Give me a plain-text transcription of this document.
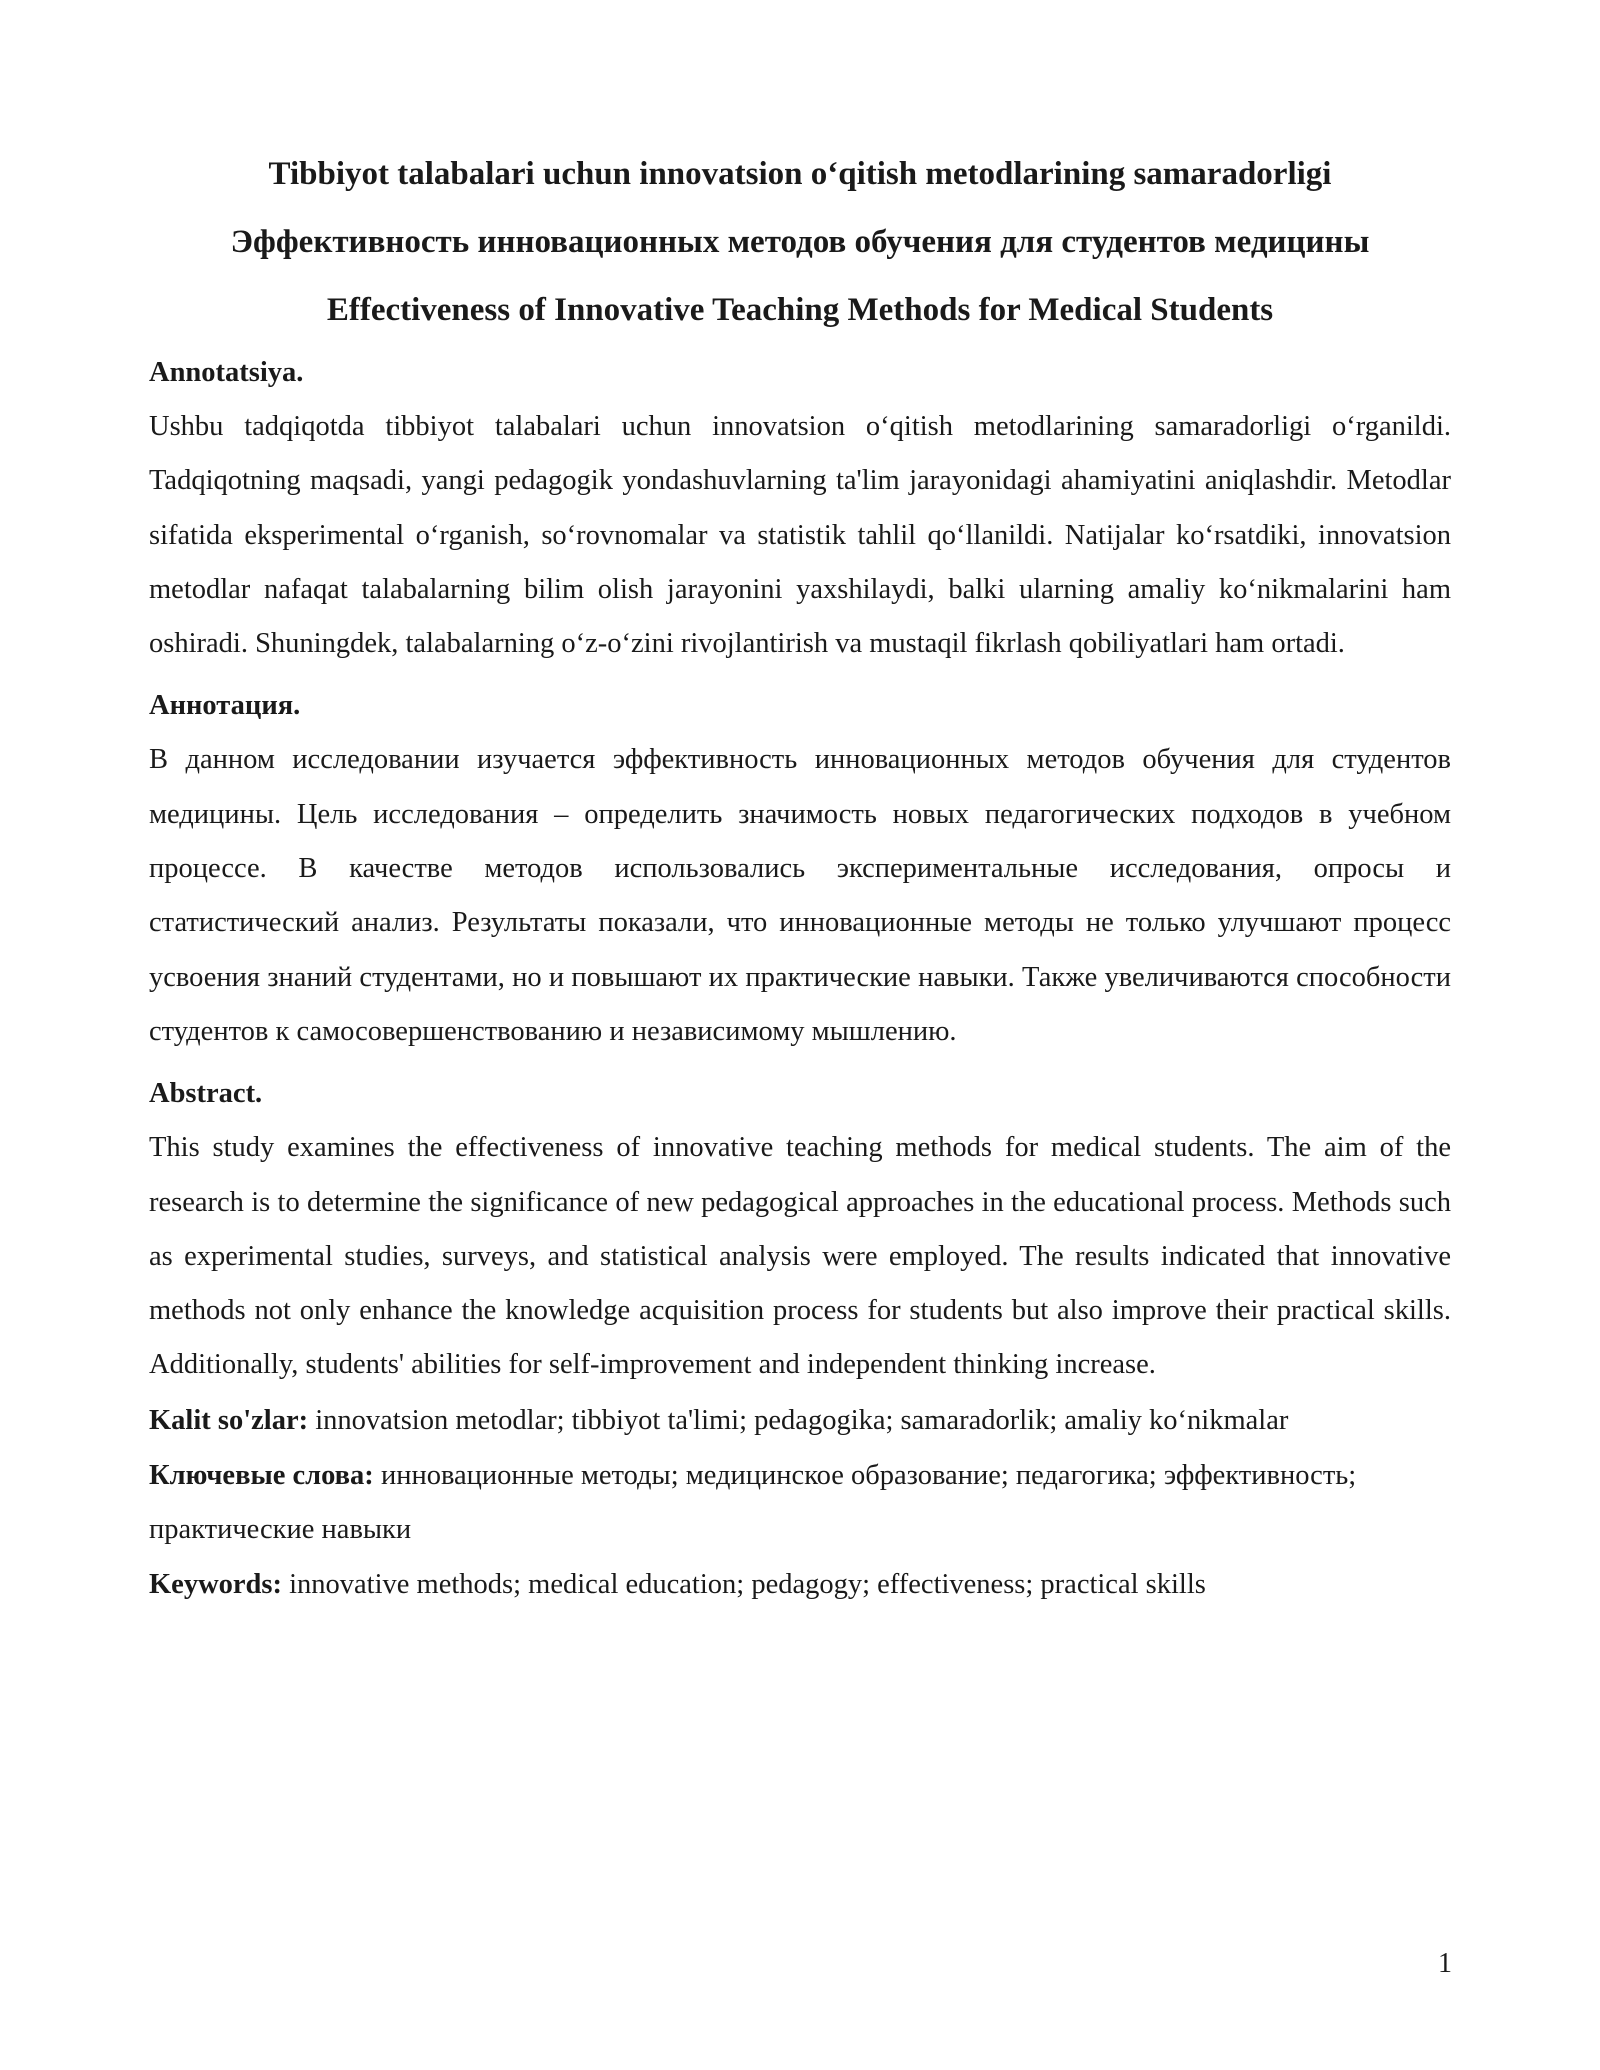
Tibbiyot talabalari uchun innovatsion o‘qitish metodlarining samaradorligi
Эффективность инновационных методов обучения для студентов медицины
Effectiveness of Innovative Teaching Methods for Medical Students

Annotatsiya.

Ushbu tadqiqotda tibbiyot talabalari uchun innovatsion o‘qitish metodlarining samaradorligi o‘rganildi. Tadqiqotning maqsadi, yangi pedagogik yondashuvlarning ta'lim jarayonidagi ahamiyatini aniqlashdir. Metodlar sifatida eksperimental o‘rganish, so‘rovnomalar va statistik tahlil qo‘llanildi. Natijalar ko‘rsatdiki, innovatsion metodlar nafaqat talabalarning bilim olish jarayonini yaxshilaydi, balki ularning amaliy ko‘nikmalarini ham oshiradi. Shuningdek, talabalarning o‘z-o‘zini rivojlantirish va mustaqil fikrlash qobiliyatlari ham ortadi.

Аннотация.

В данном исследовании изучается эффективность инновационных методов обучения для студентов медицины. Цель исследования – определить значимость новых педагогических подходов в учебном процессе. В качестве методов использовались экспериментальные исследования, опросы и статистический анализ. Результаты показали, что инновационные методы не только улучшают процесс усвоения знаний студентами, но и повышают их практические навыки. Также увеличиваются способности студентов к самосовершенствованию и независимому мышлению.

Abstract.

This study examines the effectiveness of innovative teaching methods for medical students. The aim of the research is to determine the significance of new pedagogical approaches in the educational process. Methods such as experimental studies, surveys, and statistical analysis were employed. The results indicated that innovative methods not only enhance the knowledge acquisition process for students but also improve their practical skills. Additionally, students' abilities for self-improvement and independent thinking increase.

Kalit so'zlar: innovatsion metodlar; tibbiyot ta'limi; pedagogika; samaradorlik; amaliy ko‘nikmalar

Ключевые слова: инновационные методы; медицинское образование; педагогика; эффективность; практические навыки

Keywords: innovative methods; medical education; pedagogy; effectiveness; practical skills

1
